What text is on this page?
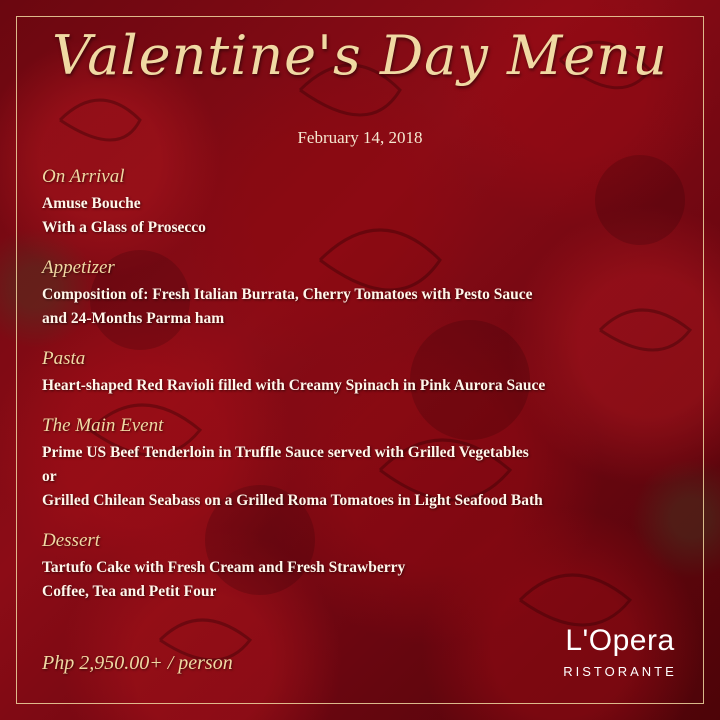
Valentine's Day Menu
February 14, 2018
On Arrival
Amuse Bouche
With a Glass of Prosecco
Appetizer
Composition of: Fresh Italian Burrata, Cherry Tomatoes with Pesto Sauce
and 24-Months Parma ham
Pasta
Heart-shaped Red Ravioli filled with Creamy Spinach in Pink Aurora Sauce
The Main Event
Prime US Beef Tenderloin in Truffle Sauce served with Grilled Vegetables
or
Grilled Chilean Seabass on a Grilled Roma Tomatoes in Light Seafood Bath
Dessert
Tartufo Cake with Fresh Cream and Fresh Strawberry
Coffee, Tea and Petit Four
Php 2,950.00+ / person
L'Opera
RISTORANTE
